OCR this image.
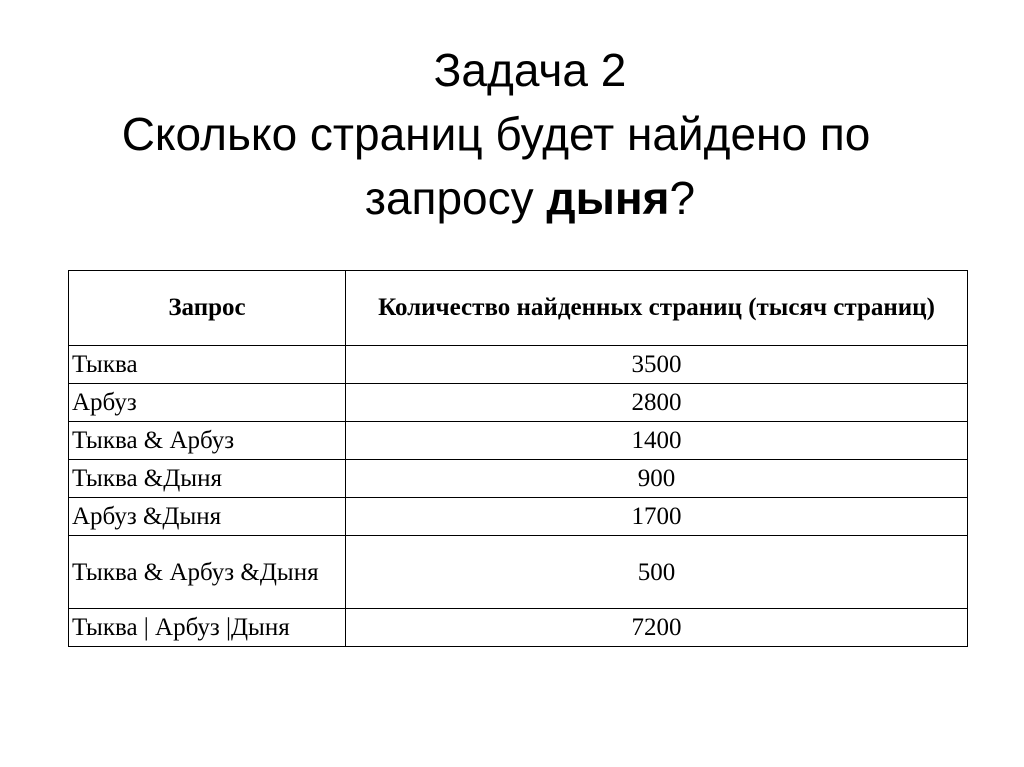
Задача 2
Сколько страниц будет найдено по
запросу дыня?
Запрос	Количество найденных страниц (тысяч страниц)
Тыква	3500
Арбуз	2800
Тыква & Арбуз	1400
Тыква &Дыня	900
Арбуз &Дыня	1700
Тыква & Арбуз &Дыня	500
Тыква | Арбуз |Дыня	7200
